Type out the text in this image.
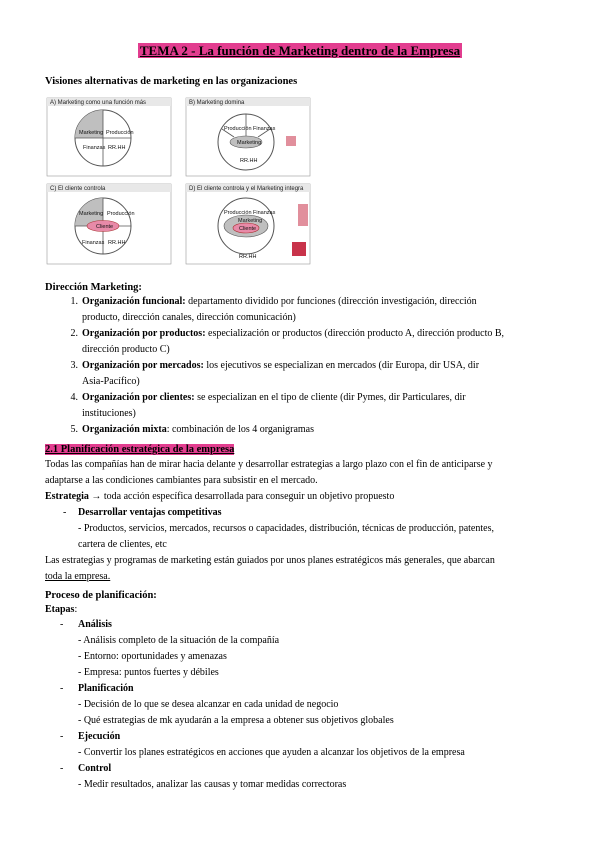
TEMA 2 - La función de Marketing dentro de la Empresa
Visiones alternativas de marketing en las organizaciones
A) Marketing como una función más
Marketing Producción
Finanzas RR.HH
B) Marketing domina
Marketing
Producción Finanzas
RR.HH
C) El cliente controla
Cliente
Marketing Producción
Finanzas RR.HH
D) El cliente controla y el Marketing integra
Marketing
Cliente
Producción Finanzas
RR.HH
Dirección Marketing:
1. Organización funcional: departamento dividido por funciones (dirección investigación, dirección
producto, dirección canales, dirección comunicación)
2. Organización por productos: especialización or productos (dirección producto A, dirección producto B,
dirección producto C)
3. Organización por mercados: los ejecutivos se especializan en mercados (dir Europa, dir USA, dir
Asia-Pacífico)
4. Organización por clientes: se especializan en el tipo de cliente (dir Pymes, dir Particulares, dir
instituciones)
5. Organización mixta: combinación de los 4 organigramas
2.1 Planificación estratégica de la empresa
Todas las compañías han de mirar hacia delante y desarrollar estrategias a largo plazo con el fin de anticiparse y
adaptarse a las condiciones cambiantes para subsistir en el mercado.
Estrategia → toda acción específica desarrollada para conseguir un objetivo propuesto
- Desarrollar ventajas competitivas
- Productos, servicios, mercados, recursos o capacidades, distribución, técnicas de producción, patentes,
cartera de clientes, etc
Las estrategias y programas de marketing están guiados por unos planes estratégicos más generales, que abarcan
toda la empresa.
Proceso de planificación:
Etapas:
- Análisis
- Análisis completo de la situación de la compañía
- Entorno: oportunidades y amenazas
- Empresa: puntos fuertes y débiles
- Planificación
- Decisión de lo que se desea alcanzar en cada unidad de negocio
- Qué estrategias de mk ayudarán a la empresa a obtener sus objetivos globales
- Ejecución
- Convertir los planes estratégicos en acciones que ayuden a alcanzar los objetivos de la empresa
- Control
- Medir resultados, analizar las causas y tomar medidas correctoras
